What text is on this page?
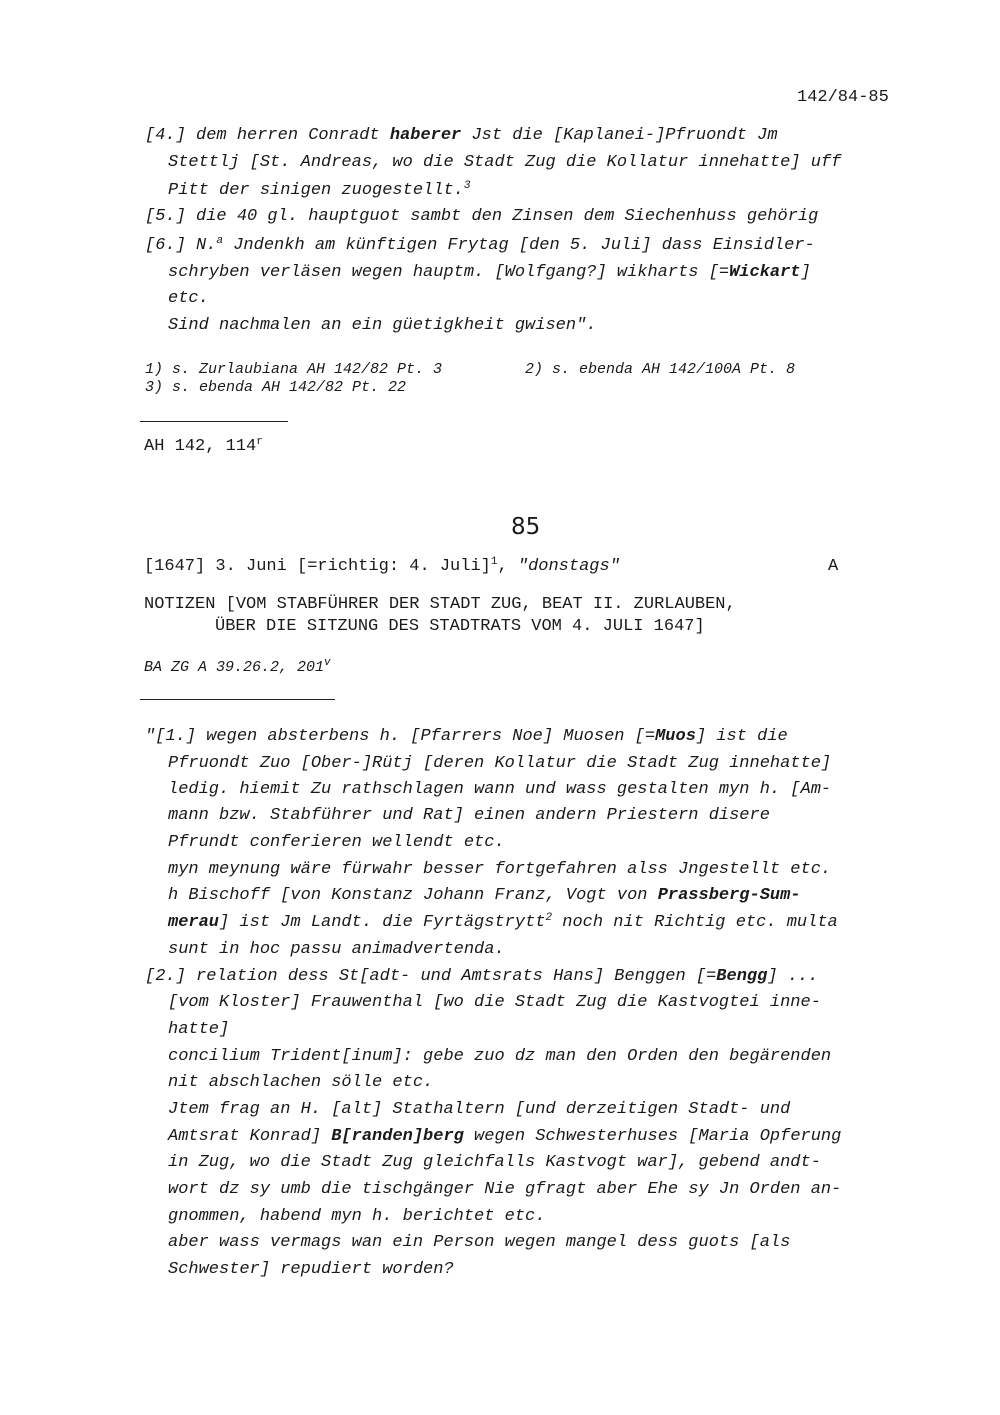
142/84-85
[4.] dem herren Conradt haberer Jst die [Kaplanei-]Pfruondt Jm
Stettlj [St. Andreas, wo die Stadt Zug die Kollatur innehatte] uff
Pitt der sinigen zuogestellt.$^3$
[5.] die 40 gl. hauptguot sambt den Zinsen dem Siechenhuss gehörig
[6.] N.$^a$ Jndenkh am künftigen Frytag [den 5. Juli] dass Einsidler-
schryben verläsen wegen hauptm. [Wolfgang?] wikharts [=Wickart]
etc.
Sind nachmalen an ein güetigkheit gwisen".
1) s. Zurlaubiana AH 142/82 Pt. 3	2) s. ebenda AH 142/100A Pt. 8
3) s. ebenda AH 142/82 Pt. 22
AH 142, 114$^r$
85
[1647] 3. Juni [=richtig: 4. Juli]$^1$, "donstags"	A
NOTIZEN [VOM STABFÜHRER DER STADT ZUG, BEAT II. ZURLAUBEN,
ÜBER DIE SITZUNG DES STADTRATS VOM 4. JULI 1647]
BA ZG A 39.26.2, 201$^v$
"[1.] wegen absterbens h. [Pfarrers Noe] Muosen [=Muos] ist die
Pfruondt Zuo [Ober-]Rütj [deren Kollatur die Stadt Zug innehatte]
ledig. hiemit Zu rathschlagen wann und wass gestalten myn h. [Am-
mann bzw. Stabführer und Rat] einen andern Priestern disere
Pfrundt conferieren wellendt etc.
myn meynung wäre fürwahr besser fortgefahren alss Jngestellt etc.
h Bischoff [von Konstanz Johann Franz, Vogt von Prassberg-Sum-
merau] ist Jm Landt. die Fyrtägstrytt$^2$ noch nit Richtig etc. multa
sunt in hoc passu animadvertenda.
[2.] relation dess St[adt- und Amtsrats Hans] Benggen [=Bengg] ...
[vom Kloster] Frauwenthal [wo die Stadt Zug die Kastvogtei inne-
hatte]
concilium Trident[inum]: gebe zuo dz man den Orden den begärenden
nit abschlachen sölle etc.
Jtem frag an H. [alt] Stathaltern [und derzeitigen Stadt- und
Amtsrat Konrad] B[randen]berg wegen Schwesterhuses [Maria Opferung
in Zug, wo die Stadt Zug gleichfalls Kastvogt war], gebend andt-
wort dz sy umb die tischgänger Nie gfragt aber Ehe sy Jn Orden an-
gnommen, habend myn h. berichtet etc.
aber wass vermags wan ein Person wegen mangel dess guots [als
Schwester] repudiert worden?
